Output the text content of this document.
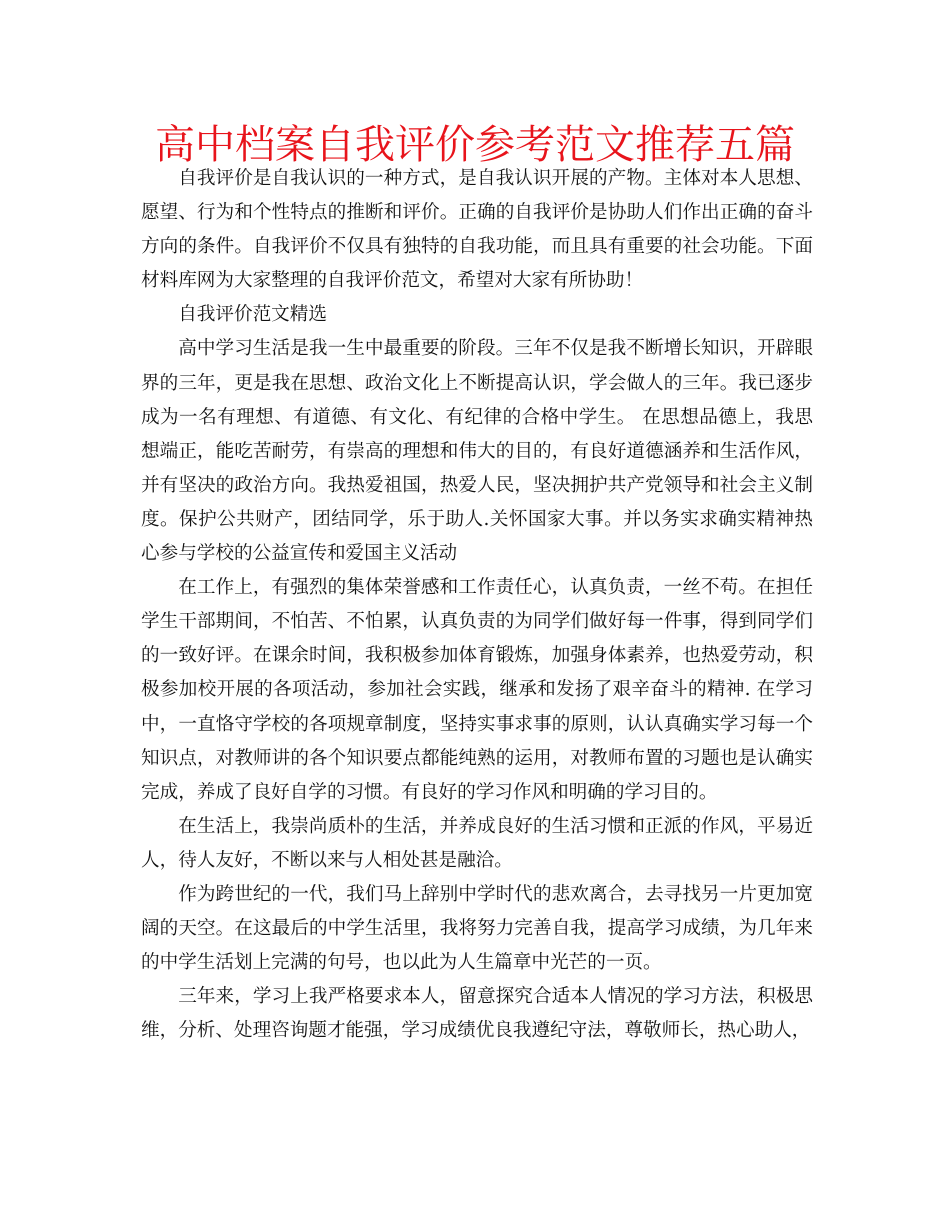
高中档案自我评价参考范文推荐五篇

自我评价是自我认识的一种方式，是自我认识开展的产物。主体对本人思想、愿望、行为和个性特点的推断和评价。正确的自我评价是协助人们作出正确的奋斗方向的条件。自我评价不仅具有独特的自我功能，而且具有重要的社会功能。下面材料库网为大家整理的自我评价范文，希望对大家有所协助！

自我评价范文精选

高中学习生活是我一生中最重要的阶段。三年不仅是我不断增长知识，开辟眼界的三年，更是我在思想、政治文化上不断提高认识，学会做人的三年。我已逐步成为一名有理想、有道德、有文化、有纪律的合格中学生。 在思想品德上，我思想端正，能吃苦耐劳，有崇高的理想和伟大的目的，有良好道德涵养和生活作风，并有坚决的政治方向。我热爱祖国，热爱人民，坚决拥护共产党领导和社会主义制度。保护公共财产，团结同学，乐于助人.关怀国家大事。并以务实求确实精神热心参与学校的公益宣传和爱国主义活动

在工作上，有强烈的集体荣誉感和工作责任心，认真负责，一丝不苟。在担任学生干部期间，不怕苦、不怕累，认真负责的为同学们做好每一件事，得到同学们的一致好评。在课余时间，我积极参加体育锻炼，加强身体素养，也热爱劳动，积极参加校开展的各项活动，参加社会实践，继承和发扬了艰辛奋斗的精神. 在学习中，一直恪守学校的各项规章制度，坚持实事求事的原则，认认真确实学习每一个知识点，对教师讲的各个知识要点都能纯熟的运用，对教师布置的习题也是认确实完成，养成了良好自学的习惯。有良好的学习作风和明确的学习目的。

在生活上，我崇尚质朴的生活，并养成良好的生活习惯和正派的作风，平易近人，待人友好，不断以来与人相处甚是融洽。

作为跨世纪的一代，我们马上辞别中学时代的悲欢离合，去寻找另一片更加宽阔的天空。在这最后的中学生活里，我将努力完善自我，提高学习成绩，为几年来的中学生活划上完满的句号，也以此为人生篇章中光芒的一页。

三年来，学习上我严格要求本人，留意探究合适本人情况的学习方法，积极思维，分析、处理咨询题才能强，学习成绩优良我遵纪守法，尊敬师长，热心助人，
